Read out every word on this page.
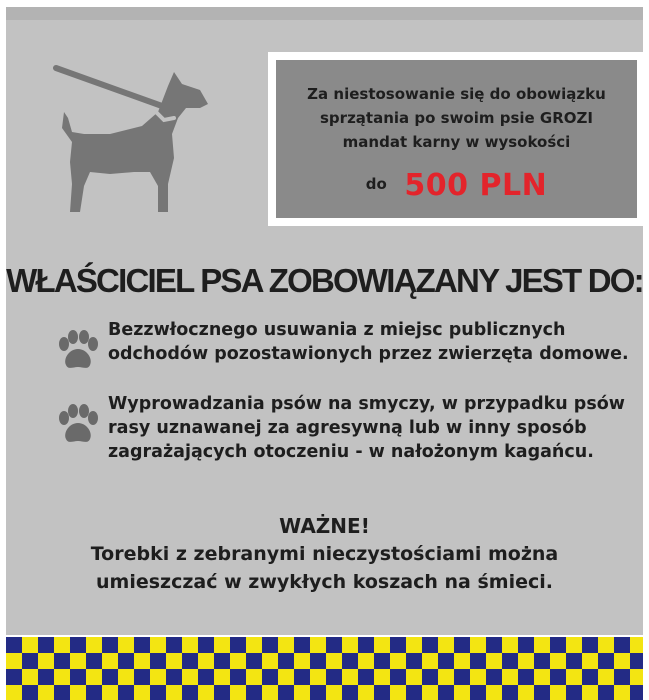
Za niestosowanie się do obowiązku
sprzątania po swoim psie GROZI
mandat karny w wysokości
do 500 PLN
WŁAŚCICIEL PSA ZOBOWIĄZANY JEST DO:
Bezzwłocznego usuwania z miejsc publicznych
odchodów pozostawionych przez zwierzęta domowe.
Wyprowadzania psów na smyczy, w przypadku psów
rasy uznawanej za agresywną lub w inny sposób
zagrażających otoczeniu - w nałożonym kagańcu.
WAŻNE!
Torebki z zebranymi nieczystościami można
umieszczać w zwykłych koszach na śmieci.
